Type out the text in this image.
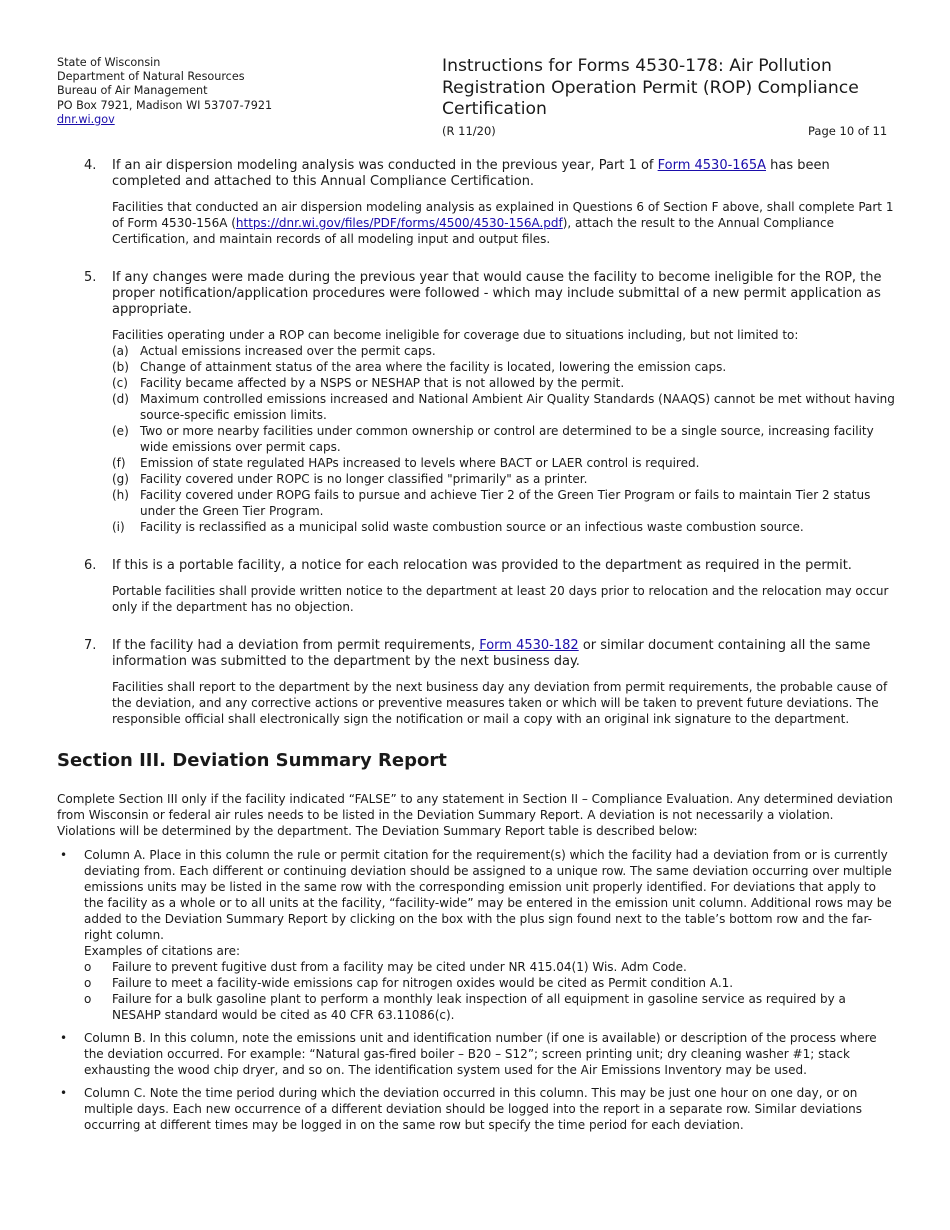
State of Wisconsin
Department of Natural Resources
Bureau of Air Management
PO Box 7921, Madison WI 53707-7921
dnr.wi.gov
Instructions for Forms 4530-178: Air Pollution Registration Operation Permit (ROP) Compliance Certification
(R 11/20)	Page 10 of 11
4. If an air dispersion modeling analysis was conducted in the previous year, Part 1 of Form 4530-165A has been completed and attached to this Annual Compliance Certification.

Facilities that conducted an air dispersion modeling analysis as explained in Questions 6 of Section F above, shall complete Part 1 of Form 4530-156A (https://dnr.wi.gov/files/PDF/forms/4500/4530-156A.pdf), attach the result to the Annual Compliance Certification, and maintain records of all modeling input and output files.

5. If any changes were made during the previous year that would cause the facility to become ineligible for the ROP, the proper notification/application procedures were followed - which may include submittal of a new permit application as appropriate.

Facilities operating under a ROP can become ineligible for coverage due to situations including, but not limited to:

(a) Actual emissions increased over the permit caps.
(b) Change of attainment status of the area where the facility is located, lowering the emission caps.
(c) Facility became affected by a NSPS or NESHAP that is not allowed by the permit.
(d) Maximum controlled emissions increased and National Ambient Air Quality Standards (NAAQS) cannot be met without having source-specific emission limits.
(e) Two or more nearby facilities under common ownership or control are determined to be a single source, increasing facility wide emissions over permit caps.
(f) Emission of state regulated HAPs increased to levels where BACT or LAER control is required.
(g) Facility covered under ROPC is no longer classified "primarily" as a printer.
(h) Facility covered under ROPG fails to pursue and achieve Tier 2 of the Green Tier Program or fails to maintain Tier 2 status under the Green Tier Program.
(i) Facility is reclassified as a municipal solid waste combustion source or an infectious waste combustion source.
6. If this is a portable facility, a notice for each relocation was provided to the department as required in the permit.

Portable facilities shall provide written notice to the department at least 20 days prior to relocation and the relocation may occur only if the department has no objection.

7. If the facility had a deviation from permit requirements, Form 4530-182 or similar document containing all the same information was submitted to the department by the next business day.

Facilities shall report to the department by the next business day any deviation from permit requirements, the probable cause of the deviation, and any corrective actions or preventive measures taken or which will be taken to prevent future deviations. The responsible official shall electronically sign the notification or mail a copy with an original ink signature to the department.

Section III. Deviation Summary Report

Complete Section III only if the facility indicated “FALSE” to any statement in Section II – Compliance Evaluation. Any determined deviation from Wisconsin or federal air rules needs to be listed in the Deviation Summary Report. A deviation is not necessarily a violation. Violations will be determined by the department. The Deviation Summary Report table is described below:

• Column A. Place in this column the rule or permit citation for the requirement(s) which the facility had a deviation from or is currently deviating from. Each different or continuing deviation should be assigned to a unique row. The same deviation occurring over multiple emissions units may be listed in the same row with the corresponding emission unit properly identified. For deviations that apply to the facility as a whole or to all units at the facility, “facility-wide” may be entered in the emission unit column. Additional rows may be added to the Deviation Summary Report by clicking on the box with the plus sign found next to the table’s bottom row and the far-right column.

Examples of citations are:

o Failure to prevent fugitive dust from a facility may be cited under NR 415.04(1) Wis. Adm Code.
o Failure to meet a facility-wide emissions cap for nitrogen oxides would be cited as Permit condition A.1.
o Failure for a bulk gasoline plant to perform a monthly leak inspection of all equipment in gasoline service as required by a NESAHP standard would be cited as 40 CFR 63.11086(c).
• Column B. In this column, note the emissions unit and identification number (if one is available) or description of the process where the deviation occurred. For example: “Natural gas-fired boiler – B20 – S12”; screen printing unit; dry cleaning washer #1; stack exhausting the wood chip dryer, and so on. The identification system used for the Air Emissions Inventory may be used.

• Column C. Note the time period during which the deviation occurred in this column. This may be just one hour on one day, or on multiple days. Each new occurrence of a different deviation should be logged into the report in a separate row. Similar deviations occurring at different times may be logged in on the same row but specify the time period for each deviation.
